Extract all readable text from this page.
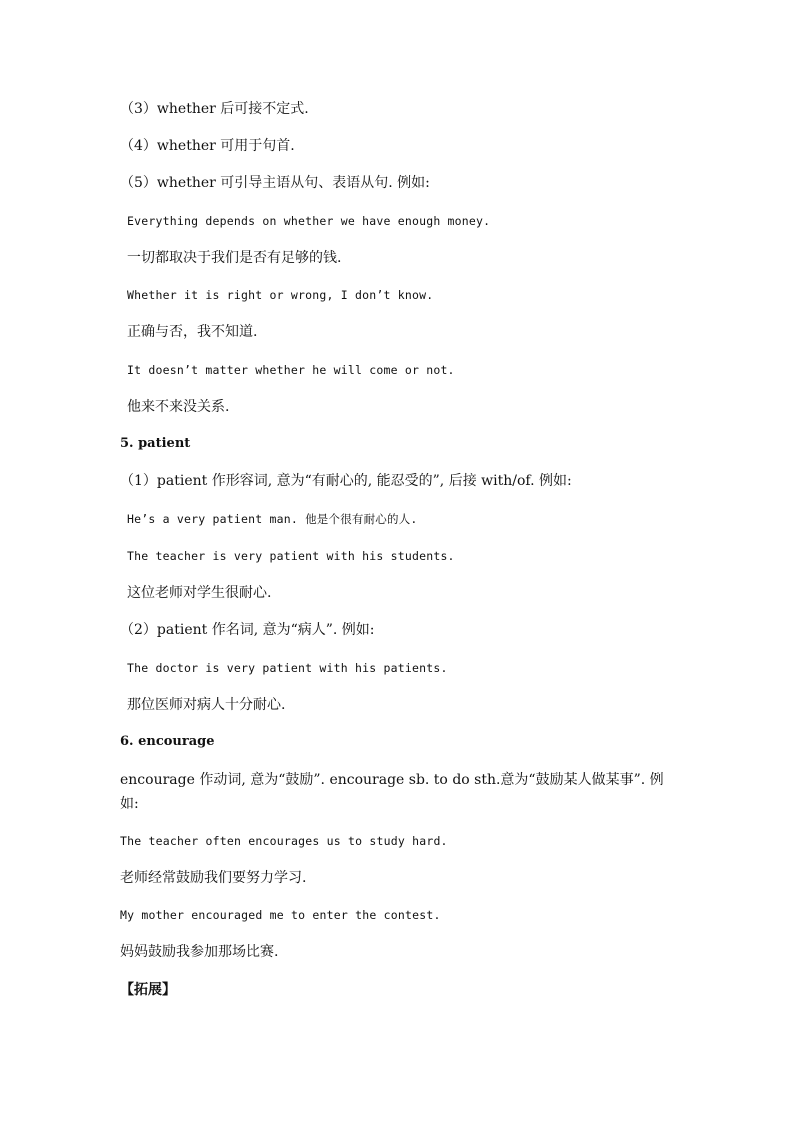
（3）whether 后可接不定式.
（4）whether 可用于句首.
（5）whether 可引导主语从句、表语从句. 例如:
Everything depends on whether we have enough money.
一切都取决于我们是否有足够的钱.
Whether it is right or wrong, I don’t know.
正确与否，我不知道.
It doesn’t matter whether he will come or not.
他来不来没关系.
5. patient
（1）patient 作形容词, 意为“有耐心的, 能忍受的”, 后接 with/of. 例如:
He’s a very patient man. 他是个很有耐心的人.
The teacher is very patient with his students.
这位老师对学生很耐心.
（2）patient 作名词, 意为“病人”. 例如:
The doctor is very patient with his patients.
那位医师对病人十分耐心.
6. encourage
encourage 作动词, 意为“鼓励”. encourage sb. to do sth.意为“鼓励某人做某事”. 例
如:
The teacher often encourages us to study hard.
老师经常鼓励我们要努力学习.
My mother encouraged me to enter the contest.
妈妈鼓励我参加那场比赛.
【拓展】
